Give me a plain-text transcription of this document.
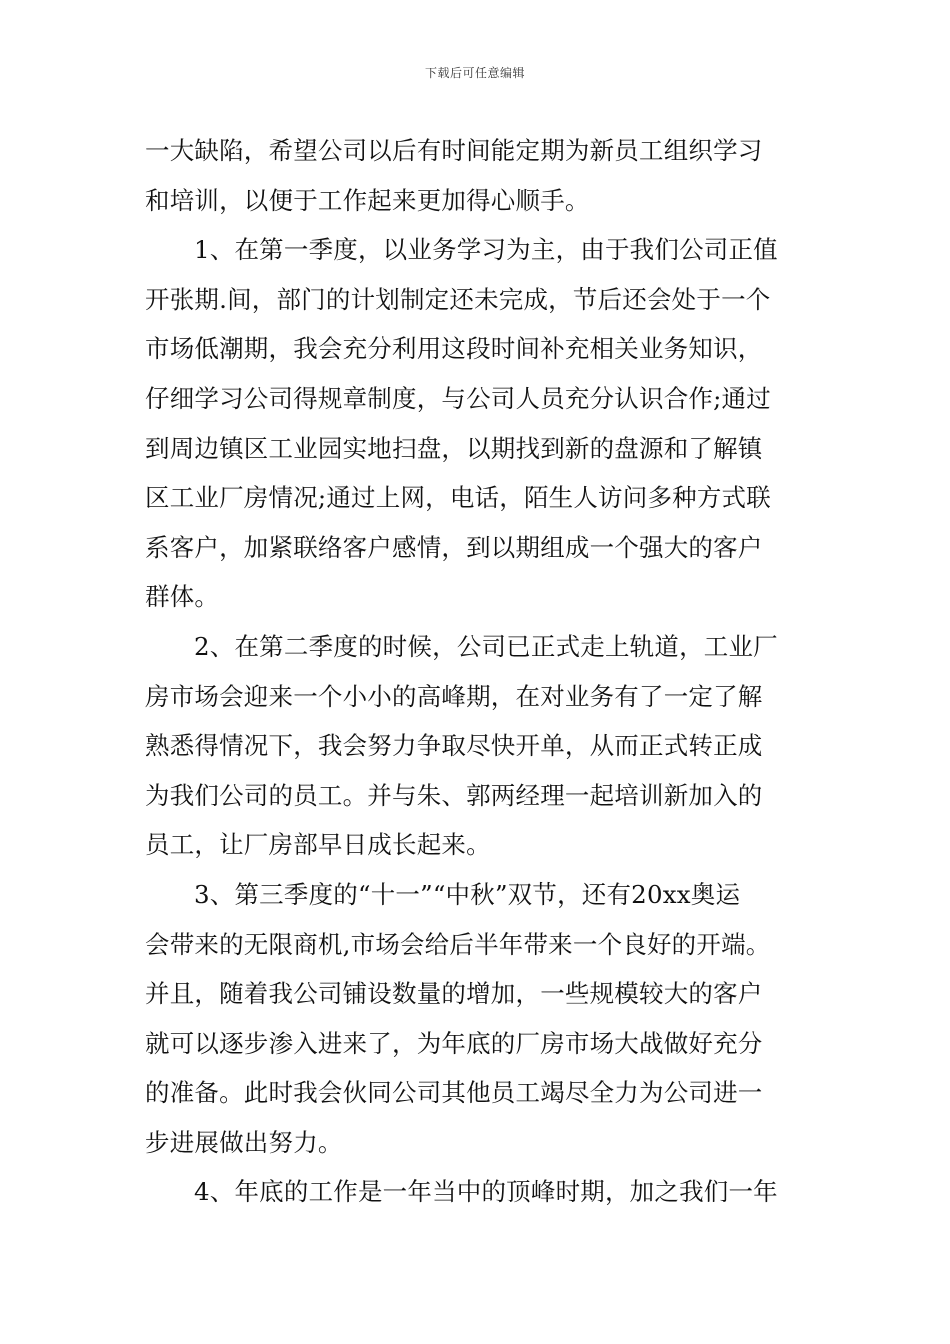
下载后可任意编辑
一大缺陷，希望公司以后有时间能定期为新员工组织学习
和培训，以便于工作起来更加得心顺手。
1、在第一季度，以业务学习为主，由于我们公司正值
开张期.间，部门的计划制定还未完成，节后还会处于一个
市场低潮期，我会充分利用这段时间补充相关业务知识，
仔细学习公司得规章制度，与公司人员充分认识合作;通过
到周边镇区工业园实地扫盘，以期找到新的盘源和了解镇
区工业厂房情况;通过上网，电话，陌生人访问多种方式联
系客户，加紧联络客户感情，到以期组成一个强大的客户
群体。
2、在第二季度的时候，公司已正式走上轨道，工业厂
房市场会迎来一个小小的高峰期，在对业务有了一定了解
熟悉得情况下，我会努力争取尽快开单，从而正式转正成
为我们公司的员工。并与朱、郭两经理一起培训新加入的
员工，让厂房部早日成长起来。
3、第三季度的“十一”“中秋”双节，还有20xx奥运
会带来的无限商机,市场会给后半年带来一个良好的开端。
并且，随着我公司铺设数量的增加，一些规模较大的客户
就可以逐步渗入进来了，为年底的厂房市场大战做好充分
的准备。此时我会伙同公司其他员工竭尽全力为公司进一
步进展做出努力。
4、年底的工作是一年当中的顶峰时期，加之我们一年
